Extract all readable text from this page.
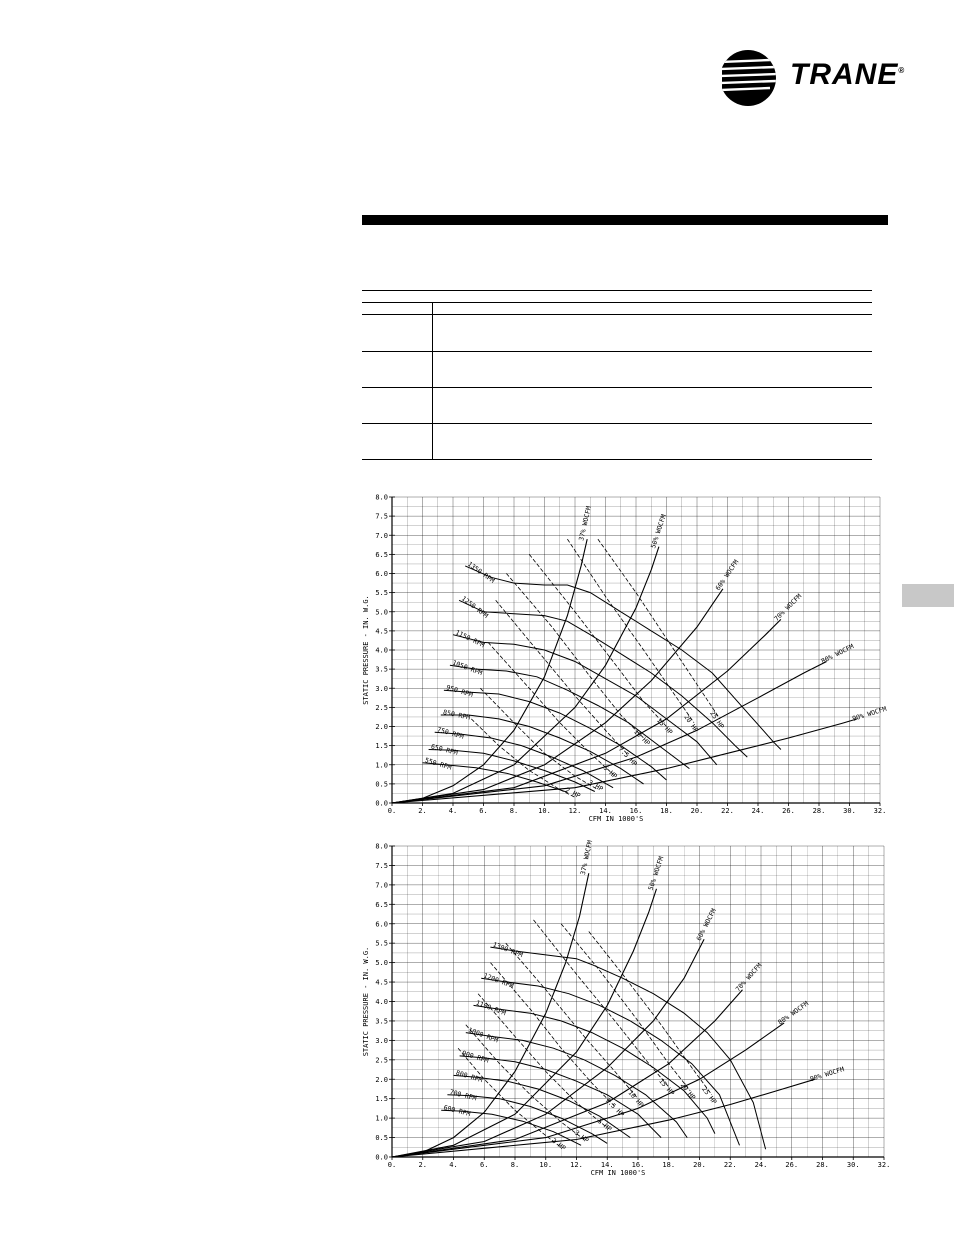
TRANE®
0.	2.	4.	6.	8.	10.	12.	14.	16.	18.	20.	22.	24.	26.	28.	30.	32.
0.0
0.5
1.0
1.5
2.0
2.5
3.0
3.5
4.0
4.5
5.0
5.5
6.0
6.5
7.0
7.5
8.0
CFM IN 1000'S
STATIC PRESSURE - IN. W.G.
1350 RPM
1250 RPM
1150 RPM
1050 RPM
950 RPM
850 RPM
750 RPM
650 RPM
550 RPM
37% WOCFM	50% WOCFM
60% WOCFM
70% WOCFM
80% WOCFM
90% WOCFM
2 HP 3 HP
5 HP
7.5 HP
10 HP
15 HP 20 HP 25 HP
0.	2.	4.	6.	8.	10.	12.	14.	16.	18.	20.	22.	24.	26.	28.	30.	32.
0.0
0.5
1.0
1.5
2.0
2.5
3.0
3.5
4.0
4.5
5.0
5.5
6.0
6.5
7.0
7.5
8.0
CFM IN 1000'S
STATIC PRESSURE - IN. W.G.	1300 RPM
1200 RPM
1100 RPM
1000 RPM
900 RPM
800 RPM
700 RPM
600 RPM
37% WOCFM	50% WOCFM
60% WOCFM
70% WOCFM
80% WOCFM
90% WOCFM
2 HP 3 HP
5 HP
7.5 HP 10 HP
15 HP 20 HP 25 HP
